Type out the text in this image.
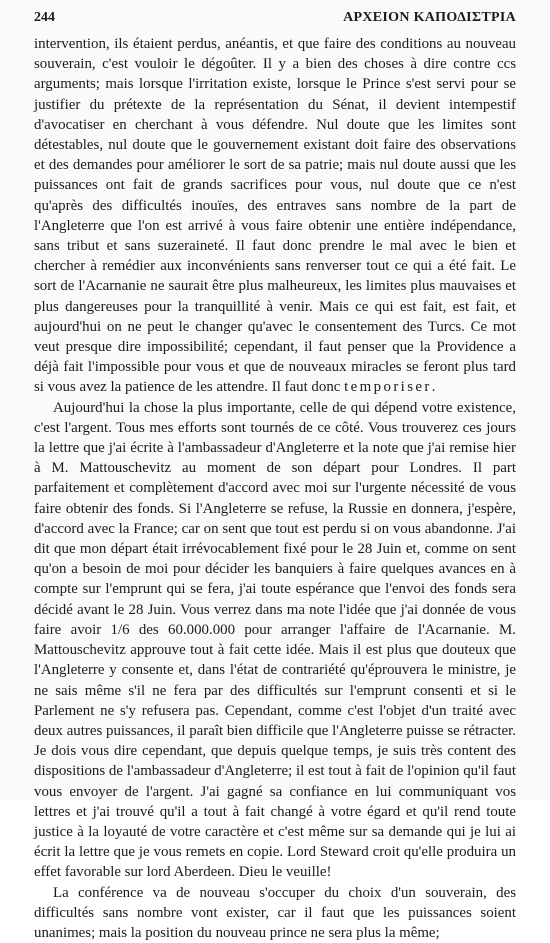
244	ΑΡΧΕΙΟΝ ΚΑΠΟΔΙΣΤΡΙΑ

intervention, ils étaient perdus, anéantis, et que faire des conditions au nouveau souverain, c'est vouloir le dégoûter. Il y a bien des choses à dire contre ccs arguments; mais lorsque l'irritation existe, lorsque le Prince s'est servi pour se justifier du prétexte de la représentation du Sénat, il devient intempestif d'avocatiser en cherchant à vous défendre. Nul doute que les limites sont détestables, nul doute que le gouvernement existant doit faire des observations et des demandes pour améliorer le sort de sa patrie; mais nul doute aussi que les puissances ont fait de grands sacrifices pour vous, nul doute que ce n'est qu'après des difficultés inouïes, des entraves sans nombre de la part de l'Angleterre que l'on est arrivé à vous faire obtenir une entière indépendance, sans tribut et sans suzeraineté. Il faut donc prendre le mal avec le bien et chercher à remédier aux inconvénients sans renverser tout ce qui a été fait. Le sort de l'Acarnanie ne saurait être plus malheureux, les limites plus mauvaises et plus dangereuses pour la tranquillité à venir. Mais ce qui est fait, est fait, et aujourd'hui on ne peut le changer qu'avec le consentement des Turcs. Ce mot veut presque dire impossibilité; cependant, il faut penser que la Providence a déjà fait l'impossible pour vous et que de nouveaux miracles se feront plus tard si vous avez la patience de les attendre. Il faut donc temporiser.

Aujourd'hui la chose la plus importante, celle de qui dépend votre existence, c'est l'argent. Tous mes efforts sont tournés de ce côté. Vous trouverez ces jours la lettre que j'ai écrite à l'ambassadeur d'Angleterre et la note que j'ai remise hier à M. Mattouschevitz au moment de son départ pour Londres. Il part parfaitement et complètement d'accord avec moi sur l'urgente nécessité de vous faire obtenir des fonds. Si l'Angleterre se refuse, la Russie en donnera, j'espère, d'accord avec la France; car on sent que tout est perdu si on vous abandonne. J'ai dit que mon départ était irrévocablement fixé pour le 28 Juin et, comme on sent qu'on a besoin de moi pour décider les banquiers à faire quelques avances en à compte sur l'emprunt qui se fera, j'ai toute espérance que l'envoi des fonds sera décidé avant le 28 Juin. Vous verrez dans ma note l'idée que j'ai donnée de vous faire avoir 1/6 des 60.000.000 pour arranger l'affaire de l'Acarnanie. M. Mattouschevitz approuve tout à fait cette idée. Mais il est plus que douteux que l'Angleterre y consente et, dans l'état de contrariété qu'éprouvera le ministre, je ne sais même s'il ne fera par des difficultés sur l'emprunt consenti et si le Parlement ne s'y refusera pas. Cependant, comme c'est l'objet d'un traité avec deux autres puissances, il paraît bien difficile que l'Angleterre puisse se rétracter. Je dois vous dire cependant, que depuis quelque temps, je suis très content des dispositions de l'ambassadeur d'Angleterre; il est tout à fait de l'opinion qu'il faut vous envoyer de l'argent. J'ai gagné sa confiance en lui communiquant vos lettres et j'ai trouvé qu'il a tout à fait changé à votre égard et qu'il rend toute justice à la loyauté de votre caractère et c'est même sur sa demande qui je lui ai écrit la lettre que je vous remets en copie. Lord Steward croit qu'elle produira un effet favorable sur lord Aberdeen. Dieu le veuille!

La conférence va de nouveau s'occuper du choix d'un souverain, des difficultés sans nombre vont exister, car il faut que les puissances soient unanimes; mais la position du nouveau prince ne sera plus la même;
